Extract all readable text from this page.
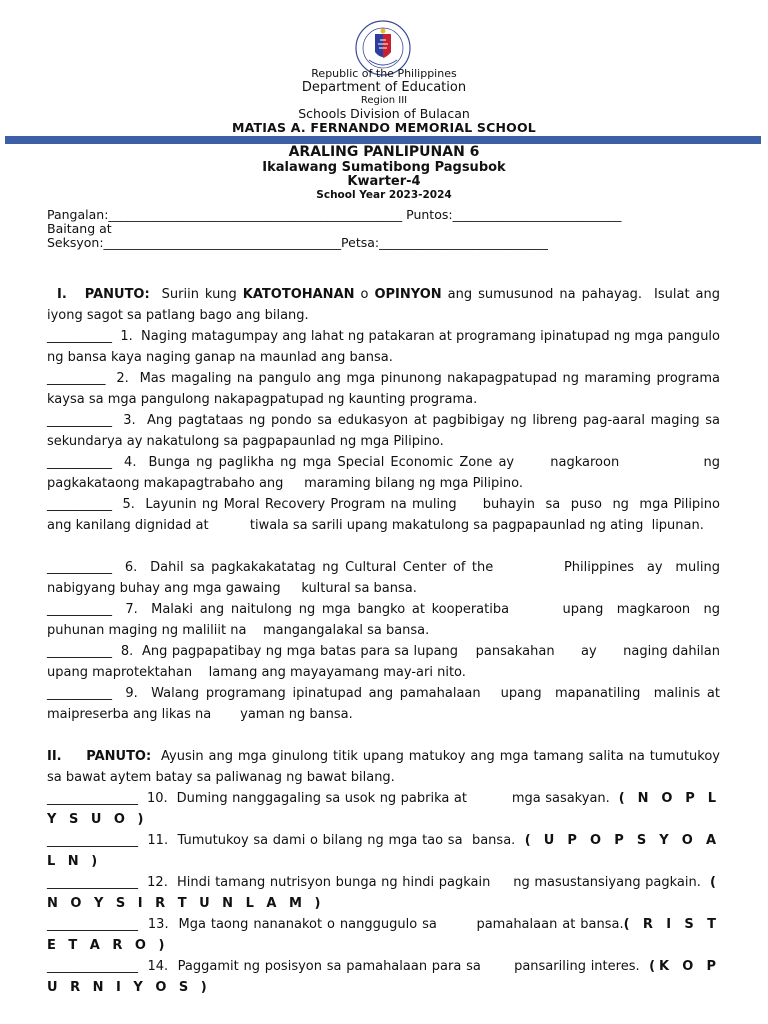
Republic of the Philippines
Department of Education
Region III
Schools Division of Bulacan
MATIAS A. FERNANDO MEMORIAL SCHOOL
ARALING PANLIPUNAN 6
Ikalawang Sumatibong Pagsubok
Kwarter-4
School Year 2023-2024
Pangalan:_______________________________________________ Puntos:___________________________
Baitang at
Seksyon:______________________________________Petsa:___________________________
I. PANUTO: Suriin kung KATOTOHANAN o OPINYON ang sumusunod na pahayag.  Isulat ang iyong sagot sa patlang bago ang bilang.
__________  1.  Naging matagumpay ang lahat ng patakaran at programang ipinatupad ng mga pangulo ng bansa kaya naging ganap na maunlad ang bansa.
_________  2.  Mas magaling na pangulo ang mga pinunong nakapagpatupad ng maraming programa kaysa sa mga pangulong nakapagpatupad ng kaunting programa.
__________  3.  Ang pagtataas ng pondo sa edukasyon at pagbibigay ng libreng pag-aaral maging sa sekundarya ay nakatulong sa pagpapaunlad ng mga Pilipino.
__________  4.  Bunga ng paglikha ng mga Special Economic Zone ay      nagkaroon              ng pagkakataong makapagtrabaho ang     maraming bilang ng mga Pilipino.
__________  5.  Layunin ng Moral Recovery Program na muling     buhayin  sa  puso  ng  mga Pilipino ang kanilang dignidad at          tiwala sa sarili upang makatulong sa pagpapaunlad ng ating  lipunan.
__________  6.  Dahil sa pagkakakatatag ng Cultural Center of the           Philippines  ay  muling nabigyang buhay ang mga gawaing     kultural sa bansa.
__________  7.  Malaki ang naitulong ng mga bangko at kooperatiba        upang  magkaroon  ng puhunan maging ng maliliit na    mangangalakal sa bansa.
__________  8.  Ang pagpapatibay ng mga batas para sa lupang    pansakahan      ay      naging dahilan upang maprotektahan    lamang ang mayayamang may-ari nito.
__________  9.  Walang programang ipinatupad ang pamahalaan   upang  mapanatiling  malinis at maipreserba ang likas na       yaman ng bansa.
II. PANUTO: Ayusin ang mga ginulong titik upang matukoy ang mga tamang salita na tumutukoy sa bawat aytem batay sa paliwanag ng bawat bilang.
______________  10.  Duming nanggagaling sa usok ng pabrika at          mga sasakyan.  ( N O P L Y S U O )
______________  11.  Tumutukoy sa dami o bilang ng mga tao sa  bansa.  ( U P O P S Y O A L N )
______________  12.  Hindi tamang nutrisyon bunga ng hindi pagkain     ng masustansiyang pagkain.  ( N O Y S I R T U N L A M )
______________  13.  Mga taong nananakot o nanggugulo sa        pamahalaan at bansa.( R I S T E T A R O )
______________  14.  Paggamit ng posisyon sa pamahalaan para sa       pansariling interes.  (K O P U R N I Y O S )
